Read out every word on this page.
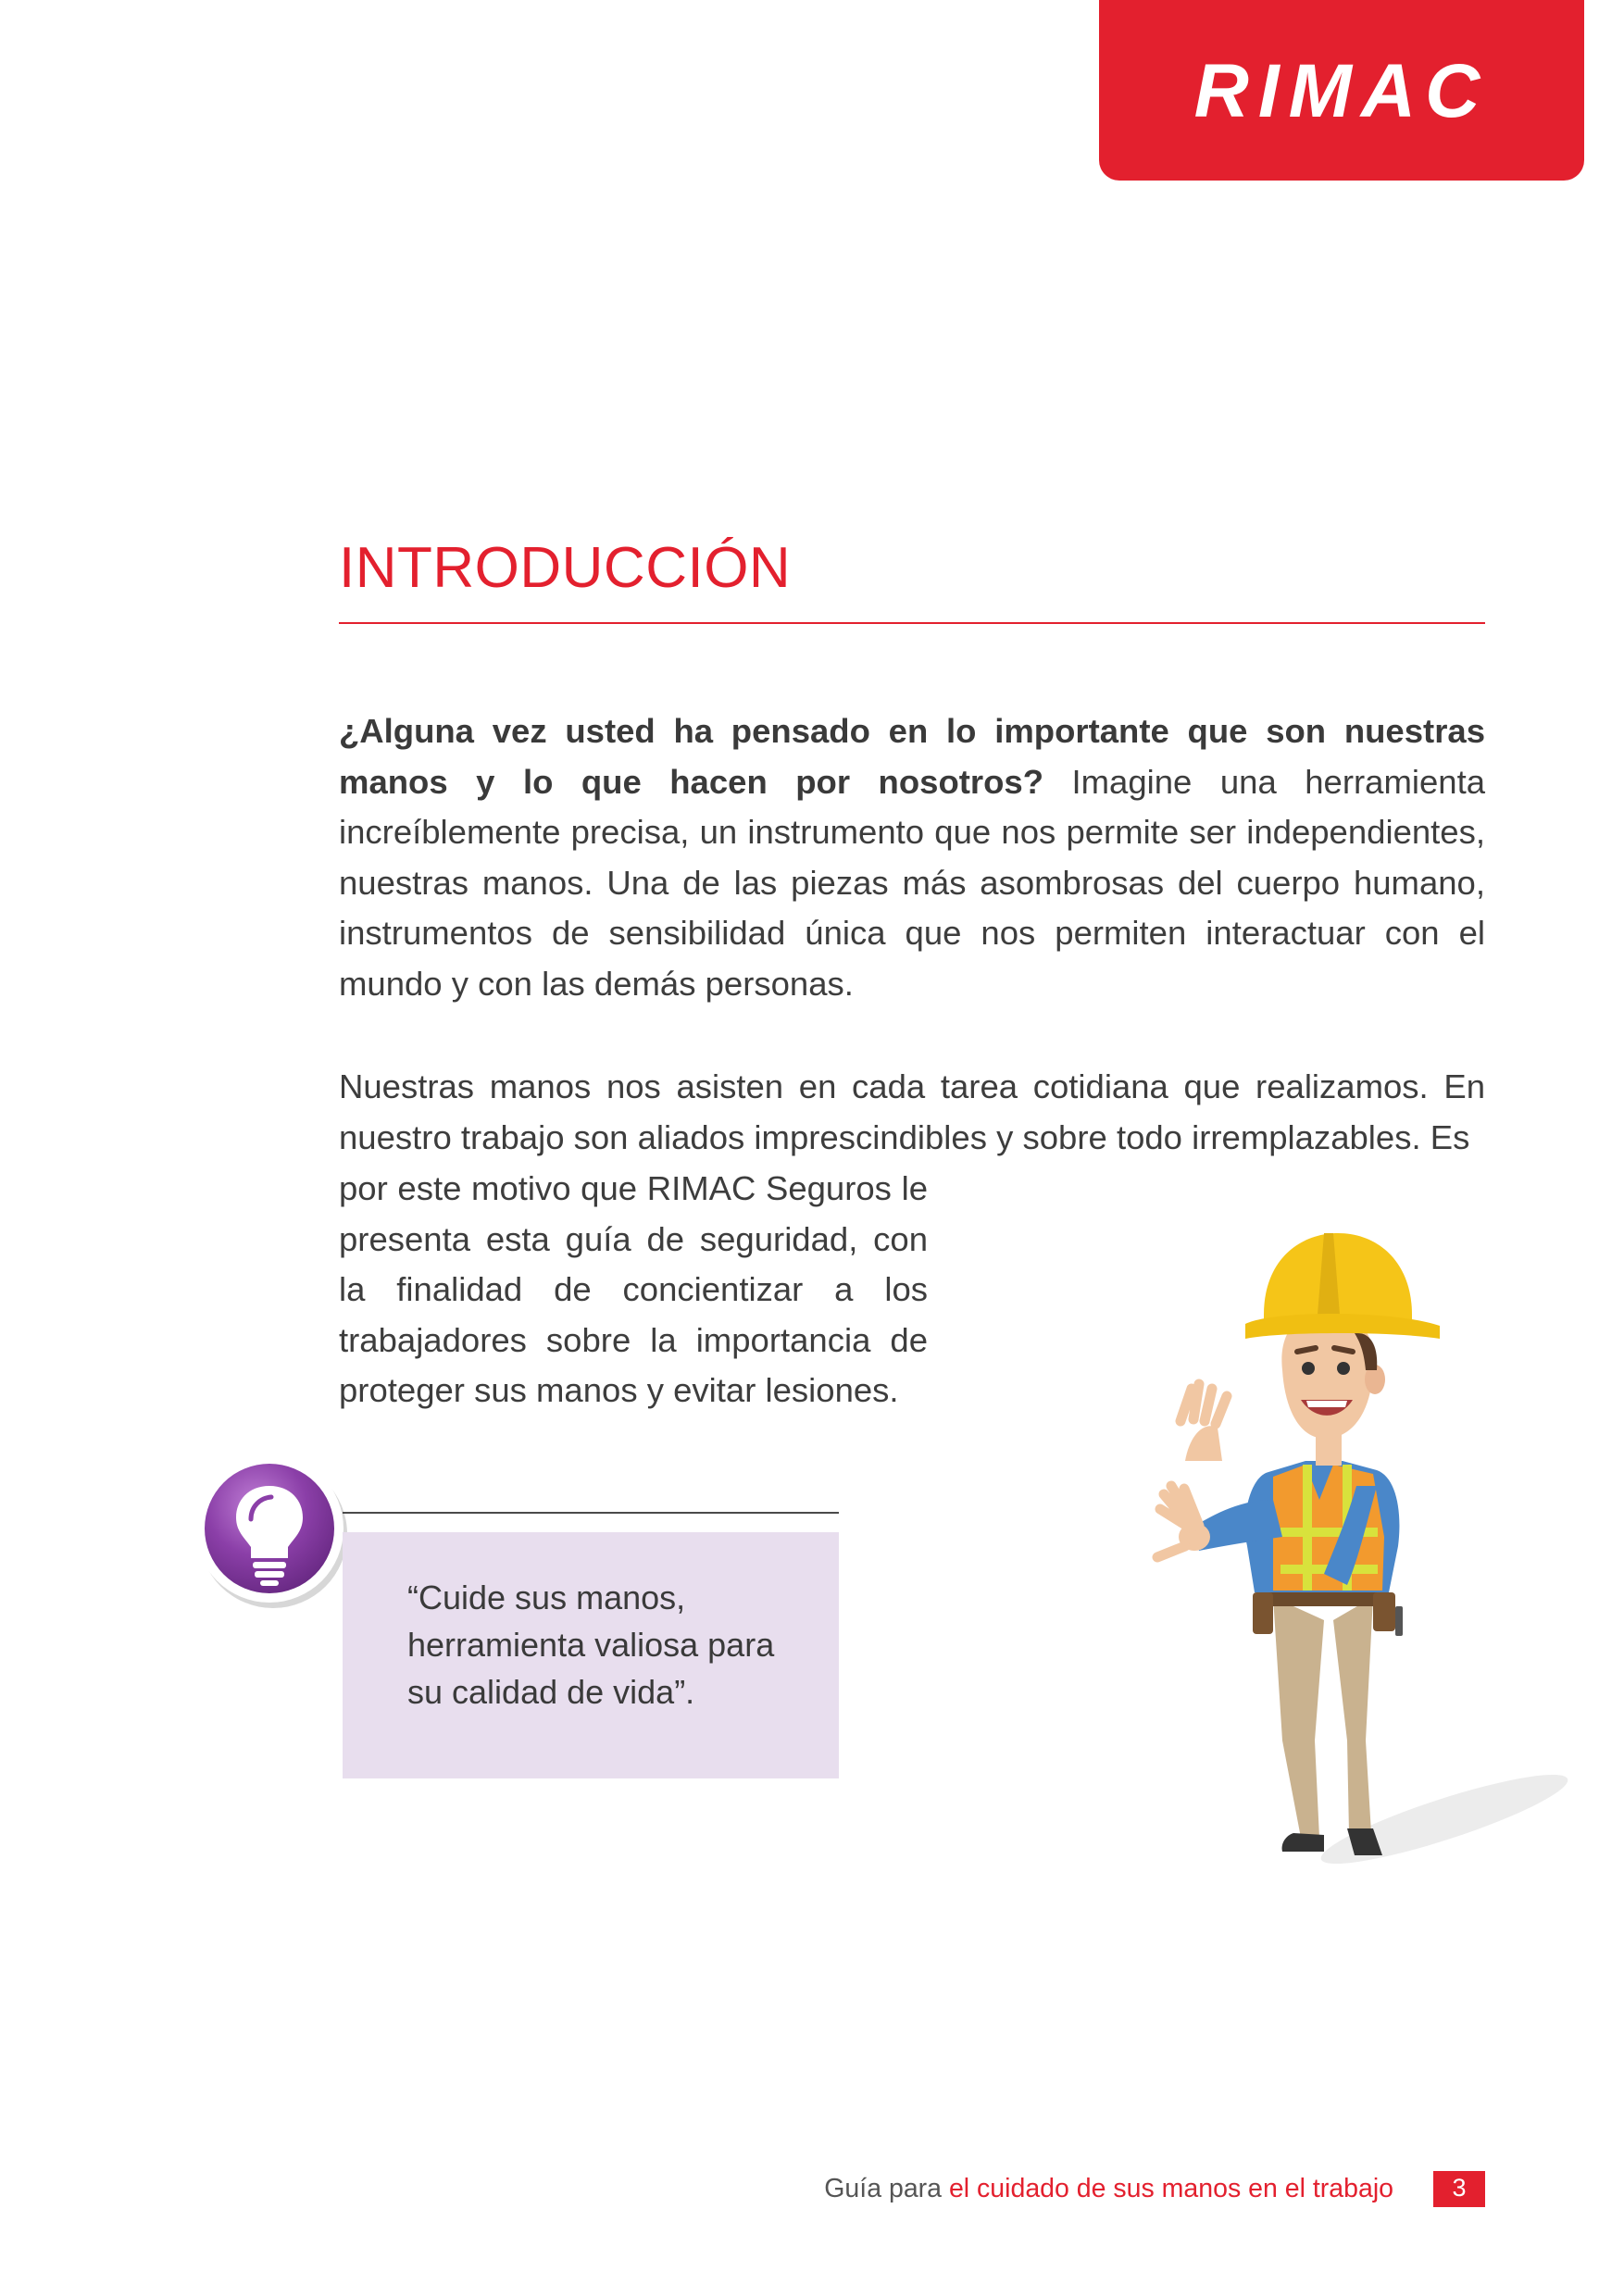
RIMAC
INTRODUCCIÓN

¿Alguna vez usted ha pensado en lo importante que son nuestras manos y lo que hacen por nosotros? Imagine una herramienta increíblemente precisa, un instrumento que nos permite ser independientes, nuestras manos. Una de las piezas más asombrosas del cuerpo humano, instrumentos de sensibilidad única que nos permiten interactuar con el mundo y con las demás personas.

Nuestras manos nos asisten en cada tarea cotidiana que realizamos. En nuestro trabajo son aliados imprescindibles y sobre todo irremplazables. Es

por este motivo que RIMAC Seguros le presenta esta guía de seguridad, con la finalidad de concientizar a los trabajadores sobre la importancia de proteger sus manos y evitar lesiones.

“Cuide sus manos, herramienta valiosa para su calidad de vida”.

Guía para el cuidado de sus manos en el trabajo	3
